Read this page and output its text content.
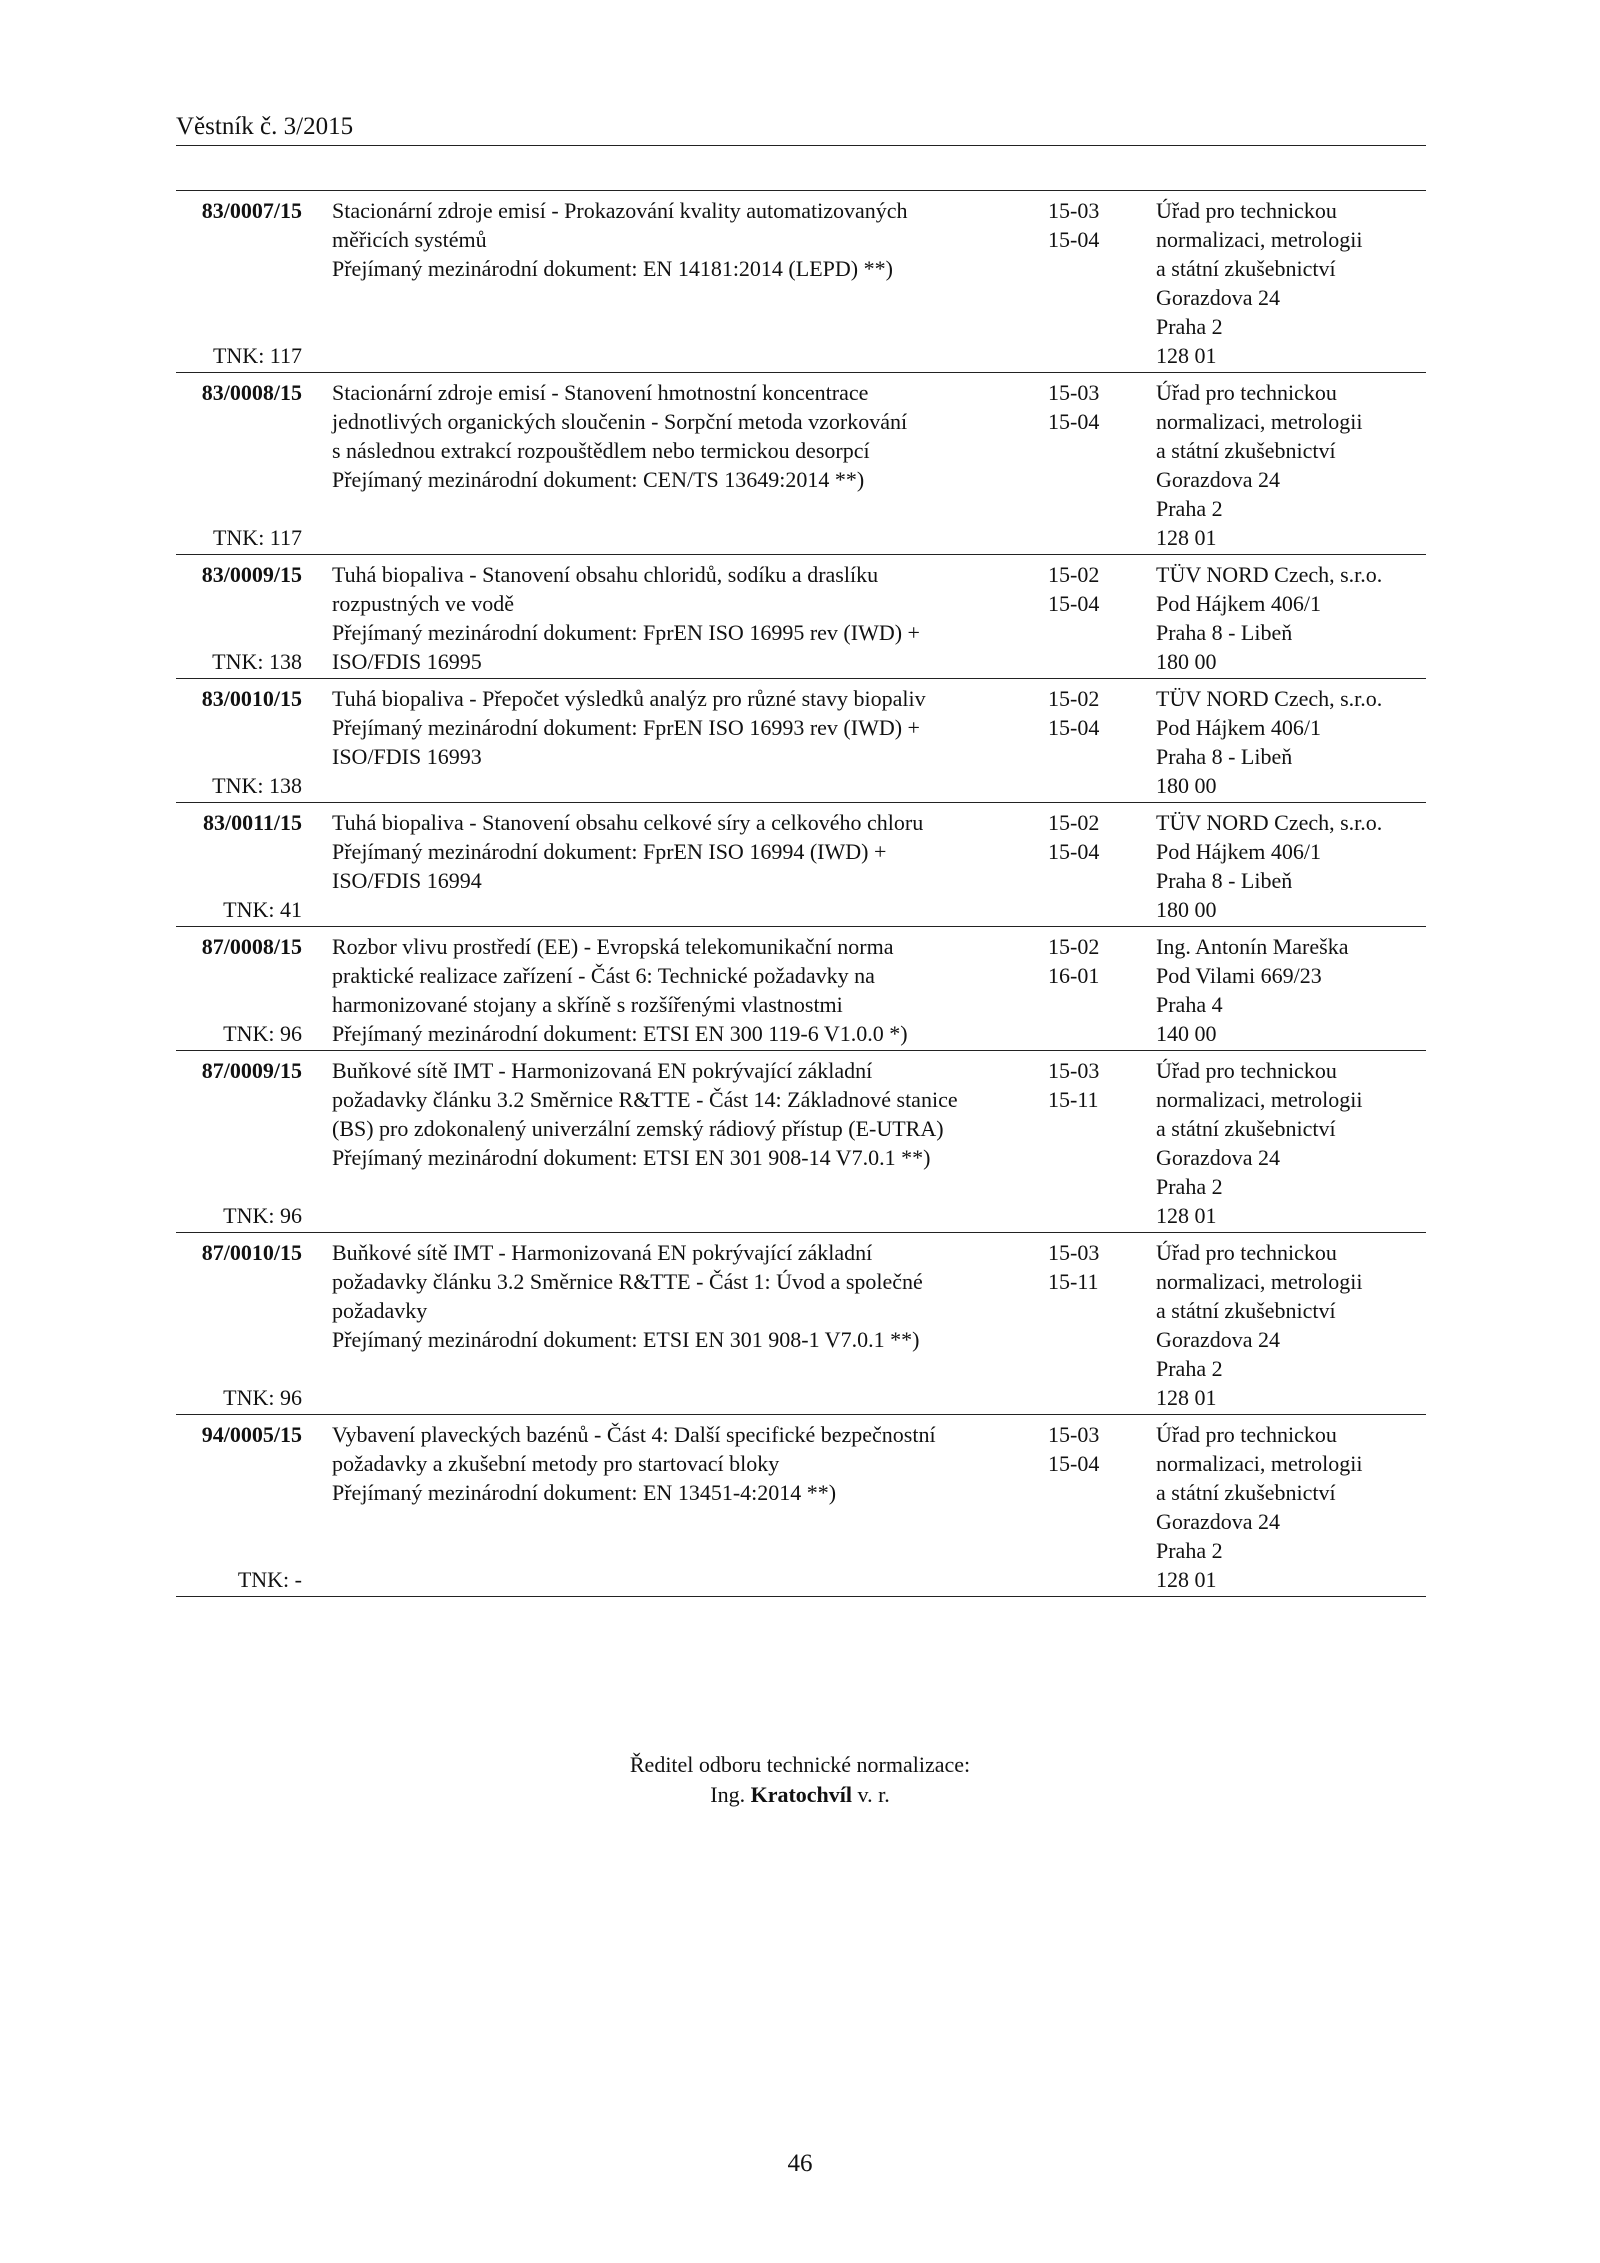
Věstník č. 3/2015
83/0007/15
TNK: 117
Stacionární zdroje emisí - Prokazování kvality automatizovaných
měřicích systémů
Přejímaný mezinárodní dokument: EN 14181:2014 (LEPD) **)
15-03
15-04
Úřad pro technickou
normalizaci, metrologii
a státní zkušebnictví
Gorazdova 24
Praha 2
128 01
83/0008/15
TNK: 117
Stacionární zdroje emisí - Stanovení hmotnostní koncentrace
jednotlivých organických sloučenin - Sorpční metoda vzorkování
s následnou extrakcí rozpouštědlem nebo termickou desorpcí
Přejímaný mezinárodní dokument: CEN/TS 13649:2014 **)
15-03
15-04
Úřad pro technickou
normalizaci, metrologii
a státní zkušebnictví
Gorazdova 24
Praha 2
128 01
83/0009/15
TNK: 138
Tuhá biopaliva - Stanovení obsahu chloridů, sodíku a draslíku
rozpustných ve vodě
Přejímaný mezinárodní dokument: FprEN ISO 16995 rev (IWD) +
ISO/FDIS 16995
15-02
15-04
TÜV NORD Czech, s.r.o.
Pod Hájkem 406/1
Praha 8 - Libeň
180 00
83/0010/15
TNK: 138
Tuhá biopaliva - Přepočet výsledků analýz pro různé stavy biopaliv
Přejímaný mezinárodní dokument: FprEN ISO 16993 rev (IWD) +
ISO/FDIS 16993
15-02
15-04
TÜV NORD Czech, s.r.o.
Pod Hájkem 406/1
Praha 8 - Libeň
180 00
83/0011/15
TNK: 41
Tuhá biopaliva - Stanovení obsahu celkové síry a celkového chloru
Přejímaný mezinárodní dokument: FprEN ISO 16994 (IWD) +
ISO/FDIS 16994
15-02
15-04
TÜV NORD Czech, s.r.o.
Pod Hájkem 406/1
Praha 8 - Libeň
180 00
87/0008/15
TNK: 96
Rozbor vlivu prostředí (EE) - Evropská telekomunikační norma
praktické realizace zařízení - Část 6: Technické požadavky na
harmonizované stojany a skříně s rozšířenými vlastnostmi
Přejímaný mezinárodní dokument: ETSI EN 300 119-6 V1.0.0 *)
15-02
16-01
Ing. Antonín Mareška
Pod Vilami 669/23
Praha 4
140 00
87/0009/15
TNK: 96
Buňkové sítě IMT - Harmonizovaná EN pokrývající základní
požadavky článku 3.2 Směrnice R&TTE - Část 14: Základnové stanice
(BS) pro zdokonalený univerzální zemský rádiový přístup (E-UTRA)
Přejímaný mezinárodní dokument: ETSI EN 301 908-14 V7.0.1 **)
15-03
15-11
Úřad pro technickou
normalizaci, metrologii
a státní zkušebnictví
Gorazdova 24
Praha 2
128 01
87/0010/15
TNK: 96
Buňkové sítě IMT - Harmonizovaná EN pokrývající základní
požadavky článku 3.2 Směrnice R&TTE - Část 1: Úvod a společné
požadavky
Přejímaný mezinárodní dokument: ETSI EN 301 908-1 V7.0.1 **)
15-03
15-11
Úřad pro technickou
normalizaci, metrologii
a státní zkušebnictví
Gorazdova 24
Praha 2
128 01
94/0005/15
TNK: -
Vybavení plaveckých bazénů - Část 4: Další specifické bezpečnostní
požadavky a zkušební metody pro startovací bloky
Přejímaný mezinárodní dokument: EN 13451-4:2014 **)
15-03
15-04
Úřad pro technickou
normalizaci, metrologii
a státní zkušebnictví
Gorazdova 24
Praha 2
128 01
Ředitel odboru technické normalizace:
Ing. Kratochvíl v. r.
46
